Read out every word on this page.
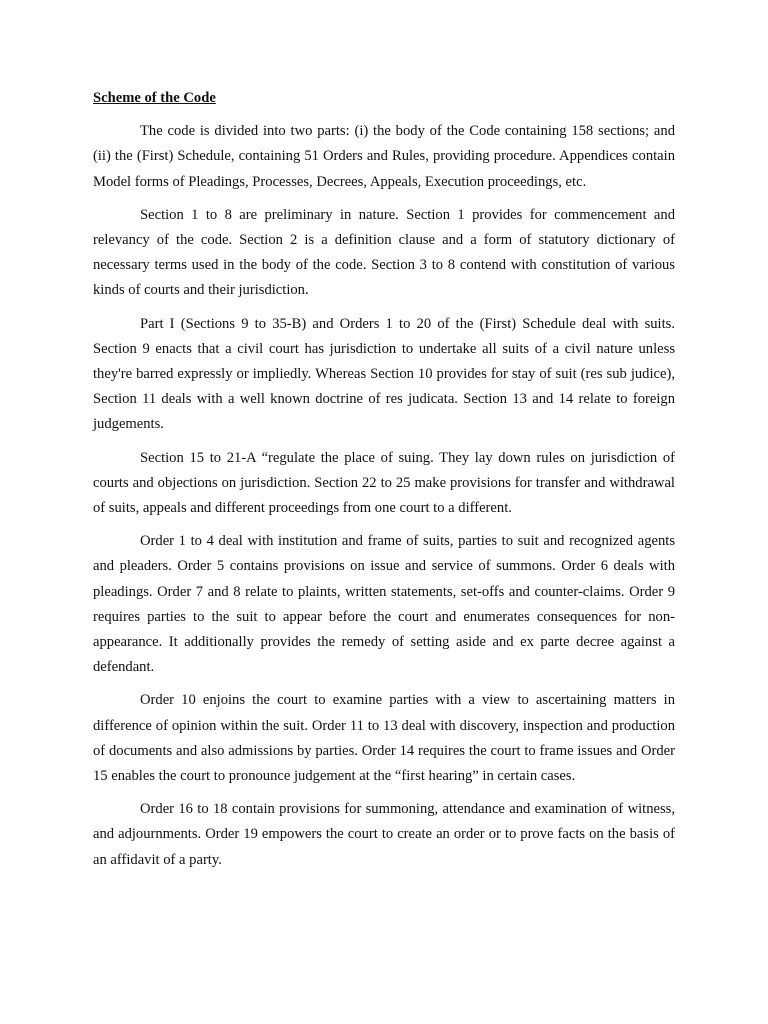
Scheme of the Code

The code is divided into two parts: (i) the body of the Code containing 158 sections; and (ii) the (First) Schedule, containing 51 Orders and Rules, providing procedure. Appendices contain Model forms of Pleadings, Processes, Decrees, Appeals, Execution proceedings, etc.

Section 1 to 8 are preliminary in nature. Section 1 provides for commencement and relevancy of the code. Section 2 is a definition clause and a form of statutory dictionary of necessary terms used in the body of the code. Section 3 to 8 contend with constitution of various kinds of courts and their jurisdiction.

Part I (Sections 9 to 35-B) and Orders 1 to 20 of the (First) Schedule deal with suits. Section 9 enacts that a civil court has jurisdiction to undertake all suits of a civil nature unless they're barred expressly or impliedly. Whereas Section 10 provides for stay of suit (res sub judice), Section 11 deals with a well known doctrine of res judicata. Section 13 and 14 relate to foreign judgements.

Section 15 to 21-A “regulate the place of suing. They lay down rules on jurisdiction of courts and objections on jurisdiction. Section 22 to 25 make provisions for transfer and withdrawal of suits, appeals and different proceedings from one court to a different.

Order 1 to 4 deal with institution and frame of suits, parties to suit and recognized agents and pleaders. Order 5 contains provisions on issue and service of summons. Order 6 deals with pleadings. Order 7 and 8 relate to plaints, written statements, set-offs and counter-claims. Order 9 requires parties to the suit to appear before the court and enumerates consequences for non-appearance. It additionally provides the remedy of setting aside and ex parte decree against a defendant.

Order 10 enjoins the court to examine parties with a view to ascertaining matters in difference of opinion within the suit. Order 11 to 13 deal with discovery, inspection and production of documents and also admissions by parties. Order 14 requires the court to frame issues and Order 15 enables the court to pronounce judgement at the “first hearing” in certain cases.

Order 16 to 18 contain provisions for summoning, attendance and examination of witness, and adjournments. Order 19 empowers the court to create an order or to prove facts on the basis of an affidavit of a party.
